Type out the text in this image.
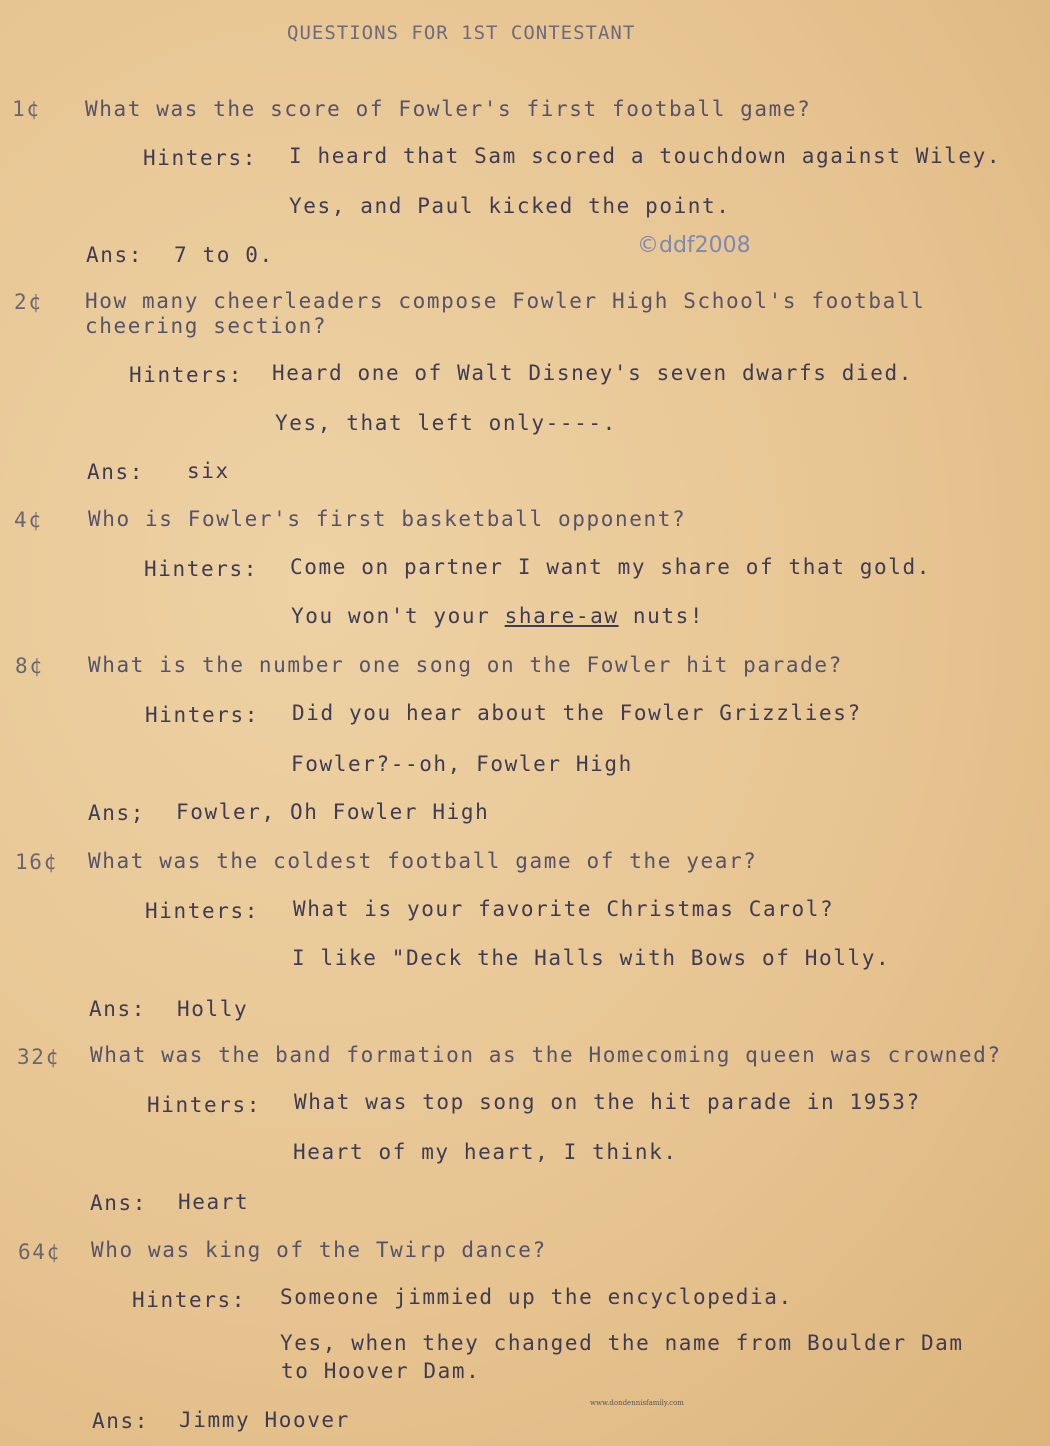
QUESTIONS FOR 1ST CONTESTANT
©ddf2008
1¢ What was the score of Fowler's first football game?
Hinters: I heard that Sam scored a touchdown against Wiley.
Yes, and Paul kicked the point.
Ans: 7 to 0.
2¢ How many cheerleaders compose Fowler High School's football
cheering section?
Hinters: Heard one of Walt Disney's seven dwarfs died.
Yes, that left only----.
Ans: six
4¢ Who is Fowler's first basketball opponent?
Hinters: Come on partner I want my share of that gold.
You won't your share-aw nuts!
8¢ What is the number one song on the Fowler hit parade?
Hinters: Did you hear about the Fowler Grizzlies?
Fowler?--oh, Fowler High
Ans; Fowler, Oh Fowler High
16¢ What was the coldest football game of the year?
Hinters: What is your favorite Christmas Carol?
I like "Deck the Halls with Bows of Holly.
Ans: Holly
32¢ What was the band formation as the Homecoming queen was crowned?
Hinters: What was top song on the hit parade in 1953?
Heart of my heart, I think.
Ans: Heart
64¢ Who was king of the Twirp dance?
Hinters: Someone jimmied up the encyclopedia.
Yes, when they changed the name from Boulder Dam
to Hoover Dam.
Ans: Jimmy Hoover
www.dondennisfamily.com
